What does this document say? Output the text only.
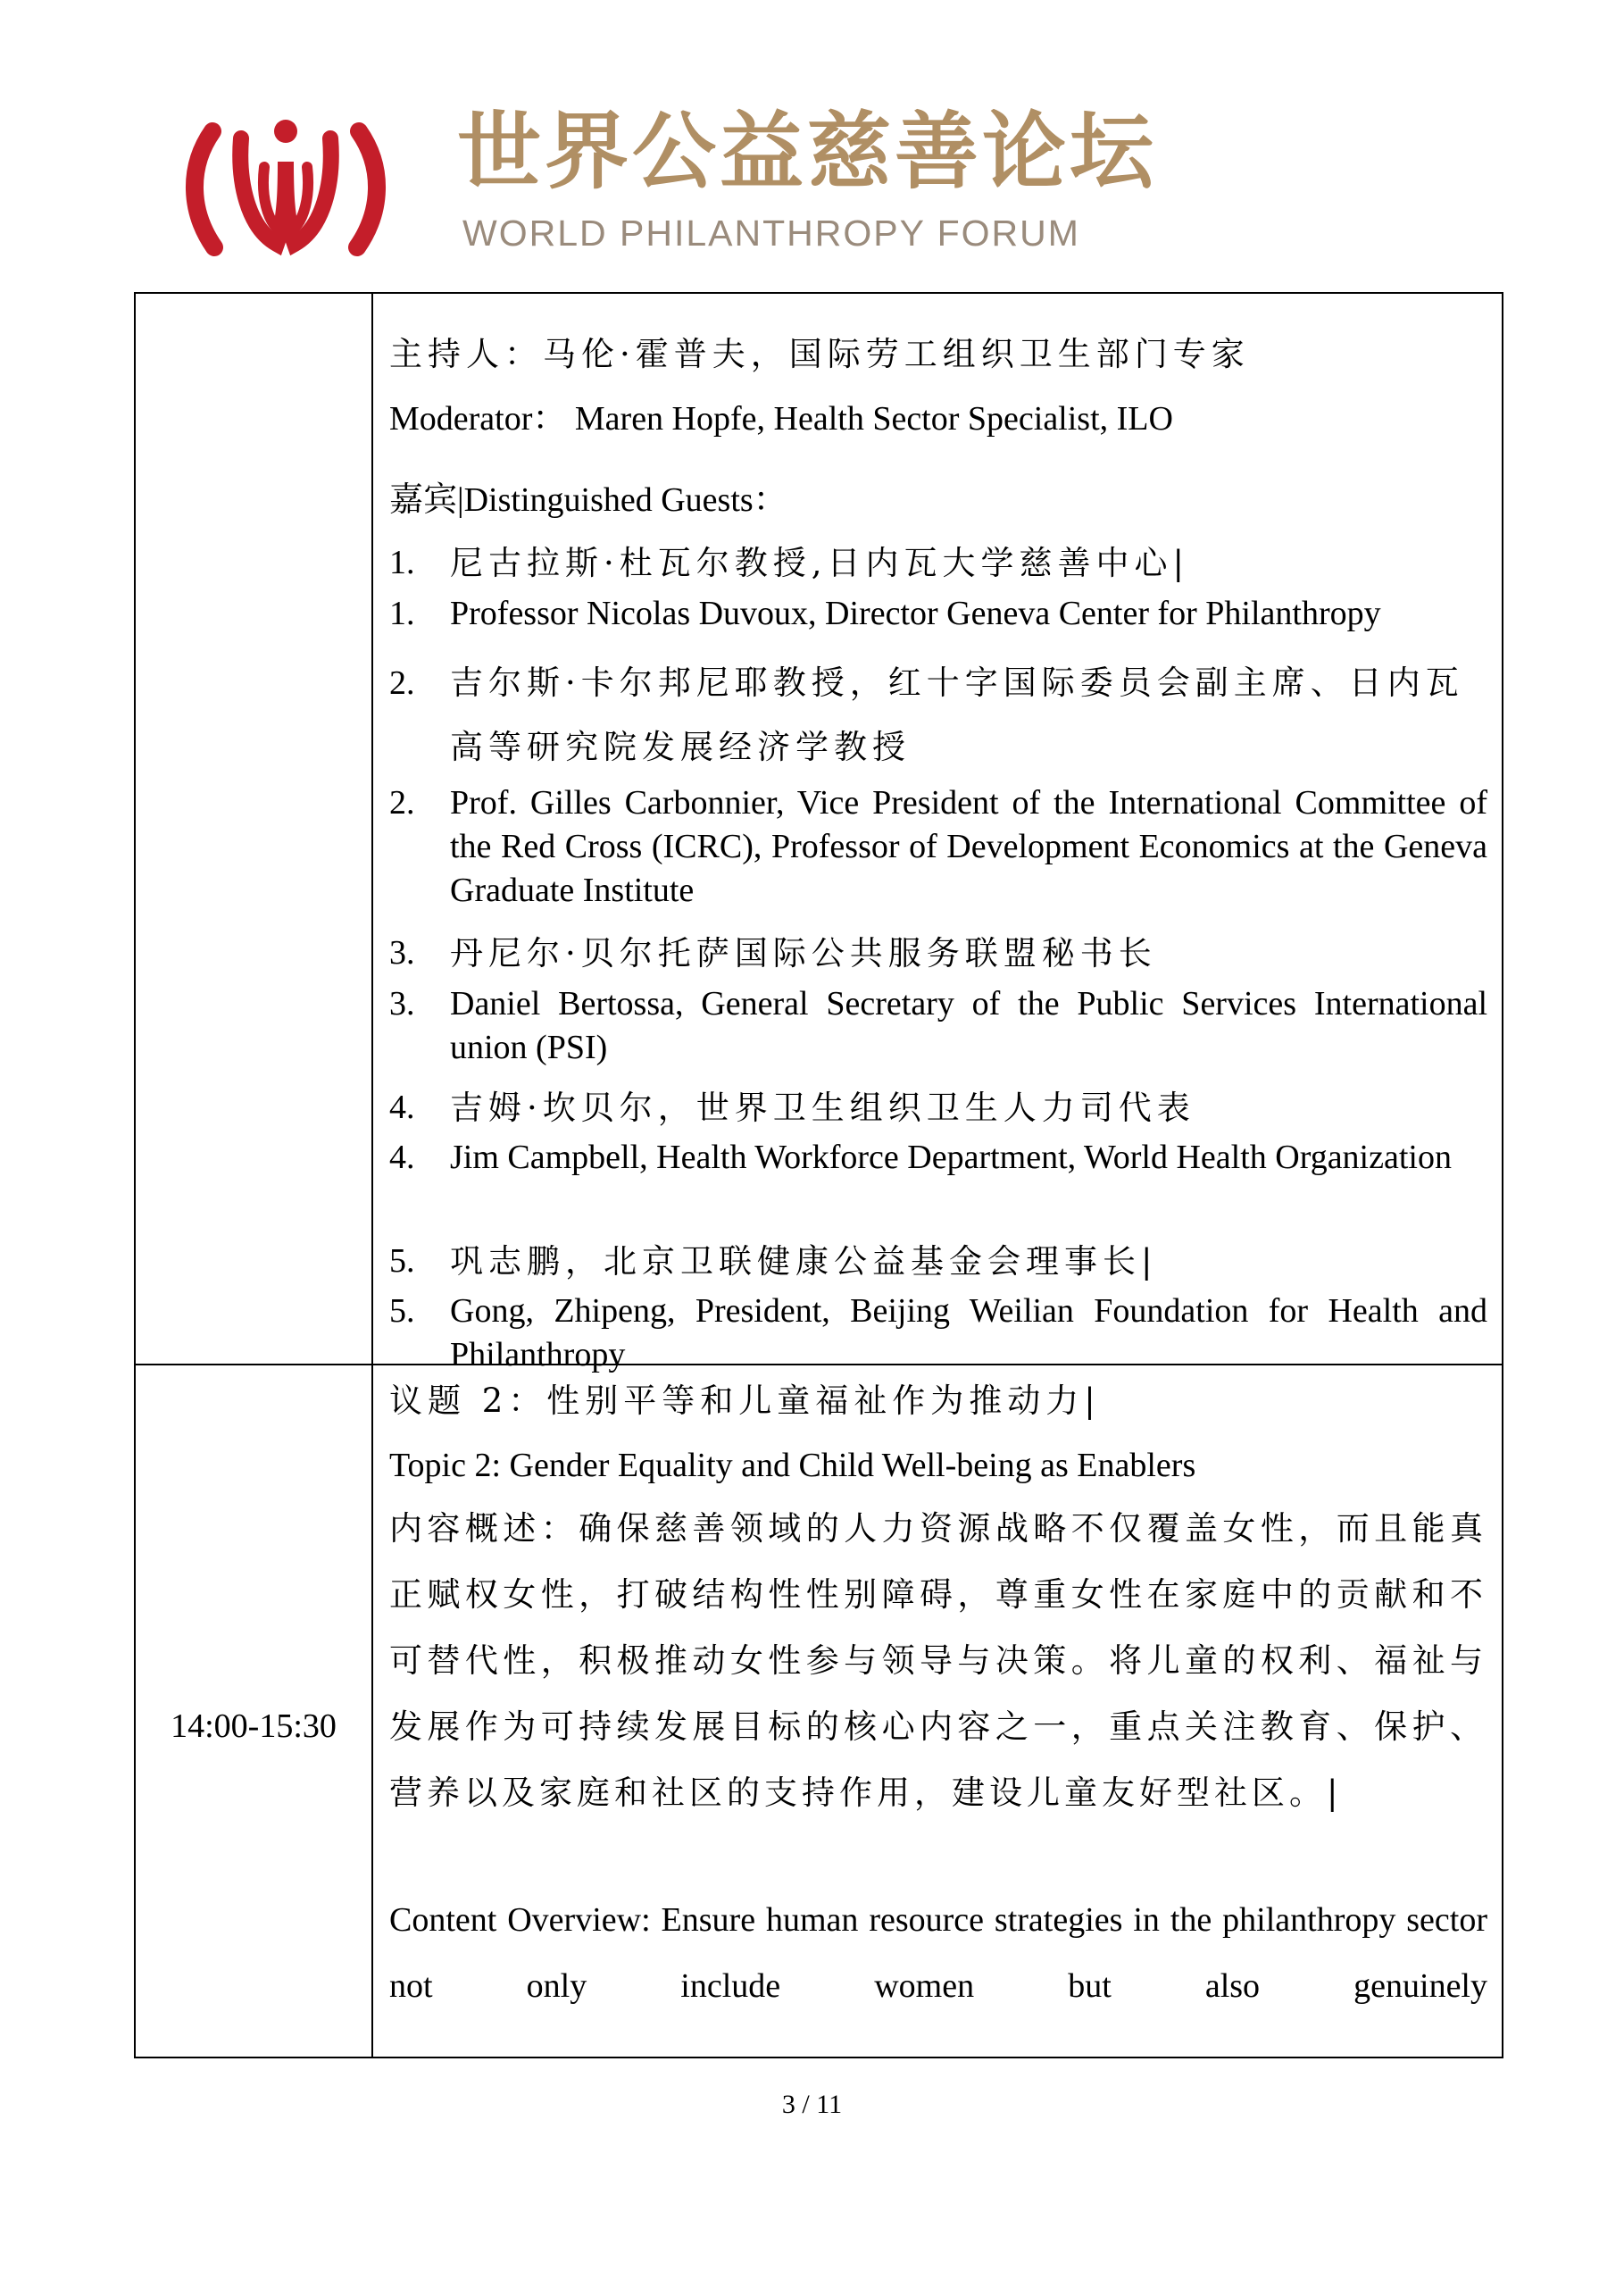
世界公益慈善论坛
WORLD PHILANTHROPY FORUM
主持人：马伦·霍普夫，国际劳工组织卫生部门专家
Moderator： Maren Hopfe, Health Sector Specialist, ILO
嘉宾|Distinguished Guests：
1. 尼古拉斯·杜瓦尔教授,日内瓦大学慈善中心|
1. Professor Nicolas Duvoux, Director Geneva Center for Philanthropy
2. 吉尔斯·卡尔邦尼耶教授，红十字国际委员会副主席、日内瓦高等研究院发展经济学教授
2. Prof. Gilles Carbonnier, Vice President of the International Committee of the Red Cross (ICRC), Professor of Development Economics at the Geneva Graduate Institute
3. 丹尼尔·贝尔托萨国际公共服务联盟秘书长
3. Daniel Bertossa, General Secretary of the Public Services International union (PSI)
4. 吉姆·坎贝尔，世界卫生组织卫生人力司代表
4. Jim Campbell, Health Workforce Department, World Health Organization
5. 巩志鹏，北京卫联健康公益基金会理事长|
5. Gong, Zhipeng, President, Beijing Weilian Foundation for Health and Philanthropy
14:00-15:30
议题 2：性别平等和儿童福祉作为推动力|
Topic 2: Gender Equality and Child Well-being as Enablers
内容概述：确保慈善领域的人力资源战略不仅覆盖女性，而且能真正赋权女性，打破结构性性别障碍，尊重女性在家庭中的贡献和不可替代性，积极推动女性参与领导与决策。将儿童的权利、福祉与发展作为可持续发展目标的核心内容之一，重点关注教育、保护、营养以及家庭和社区的支持作用，建设儿童友好型社区。|
Content Overview: Ensure human resource strategies in the philanthropy sector not only include women but also genuinely
3 / 11
